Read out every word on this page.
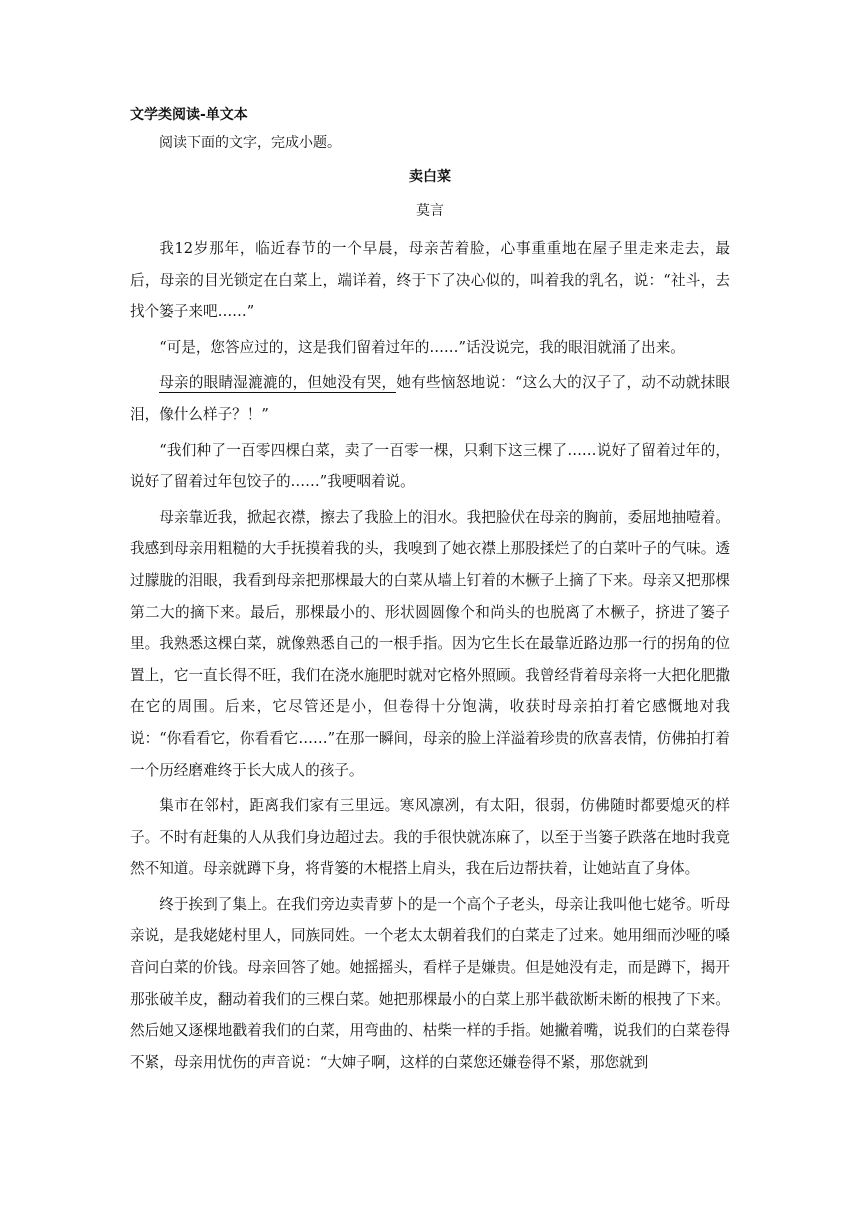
文学类阅读-单文本
阅读下面的文字，完成小题。
卖白菜
莫言

我12岁那年，临近春节的一个早晨，母亲苦着脸，心事重重地在屋子里走来走去，最后，母亲的目光锁定在白菜上，端详着，终于下了决心似的，叫着我的乳名，说：“社斗，去找个篓子来吧……”

“可是，您答应过的，这是我们留着过年的……”话没说完，我的眼泪就涌了出来。

母亲的眼睛湿漉漉的，但她没有哭，她有些恼怒地说：“这么大的汉子了，动不动就抹眼泪，像什么样子？！”

“我们种了一百零四棵白菜，卖了一百零一棵，只剩下这三棵了……说好了留着过年的，说好了留着过年包饺子的……”我哽咽着说。

母亲靠近我，掀起衣襟，擦去了我脸上的泪水。我把脸伏在母亲的胸前，委屈地抽噎着。我感到母亲用粗糙的大手抚摸着我的头，我嗅到了她衣襟上那股揉烂了的白菜叶子的气味。透过朦胧的泪眼，我看到母亲把那棵最大的白菜从墙上钉着的木橛子上摘了下来。母亲又把那棵第二大的摘下来。最后，那棵最小的、形状圆圆像个和尚头的也脱离了木橛子，挤进了篓子里。我熟悉这棵白菜，就像熟悉自己的一根手指。因为它生长在最靠近路边那一行的拐角的位置上，它一直长得不旺，我们在浇水施肥时就对它格外照顾。我曾经背着母亲将一大把化肥撒在它的周围。后来，它尽管还是小，但卷得十分饱满，收获时母亲拍打着它感慨地对我说：“你看看它，你看看它……”在那一瞬间，母亲的脸上洋溢着珍贵的欣喜表情，仿佛拍打着一个历经磨难终于长大成人的孩子。

集市在邻村，距离我们家有三里远。寒风凛冽，有太阳，很弱，仿佛随时都要熄灭的样子。不时有赶集的人从我们身边超过去。我的手很快就冻麻了，以至于当篓子跌落在地时我竟然不知道。母亲就蹲下身，将背篓的木棍搭上肩头，我在后边帮扶着，让她站直了身体。

终于挨到了集上。在我们旁边卖青萝卜的是一个高个子老头，母亲让我叫他七姥爷。听母亲说，是我姥姥村里人，同族同姓。一个老太太朝着我们的白菜走了过来。她用细而沙哑的嗓音问白菜的价钱。母亲回答了她。她摇摇头，看样子是嫌贵。但是她没有走，而是蹲下，揭开那张破羊皮，翻动着我们的三棵白菜。她把那棵最小的白菜上那半截欲断未断的根拽了下来。然后她又逐棵地戳着我们的白菜，用弯曲的、枯柴一样的手指。她撇着嘴，说我们的白菜卷得不紧，母亲用忧伤的声音说：“大婶子啊，这样的白菜您还嫌卷得不紧，那您就到
